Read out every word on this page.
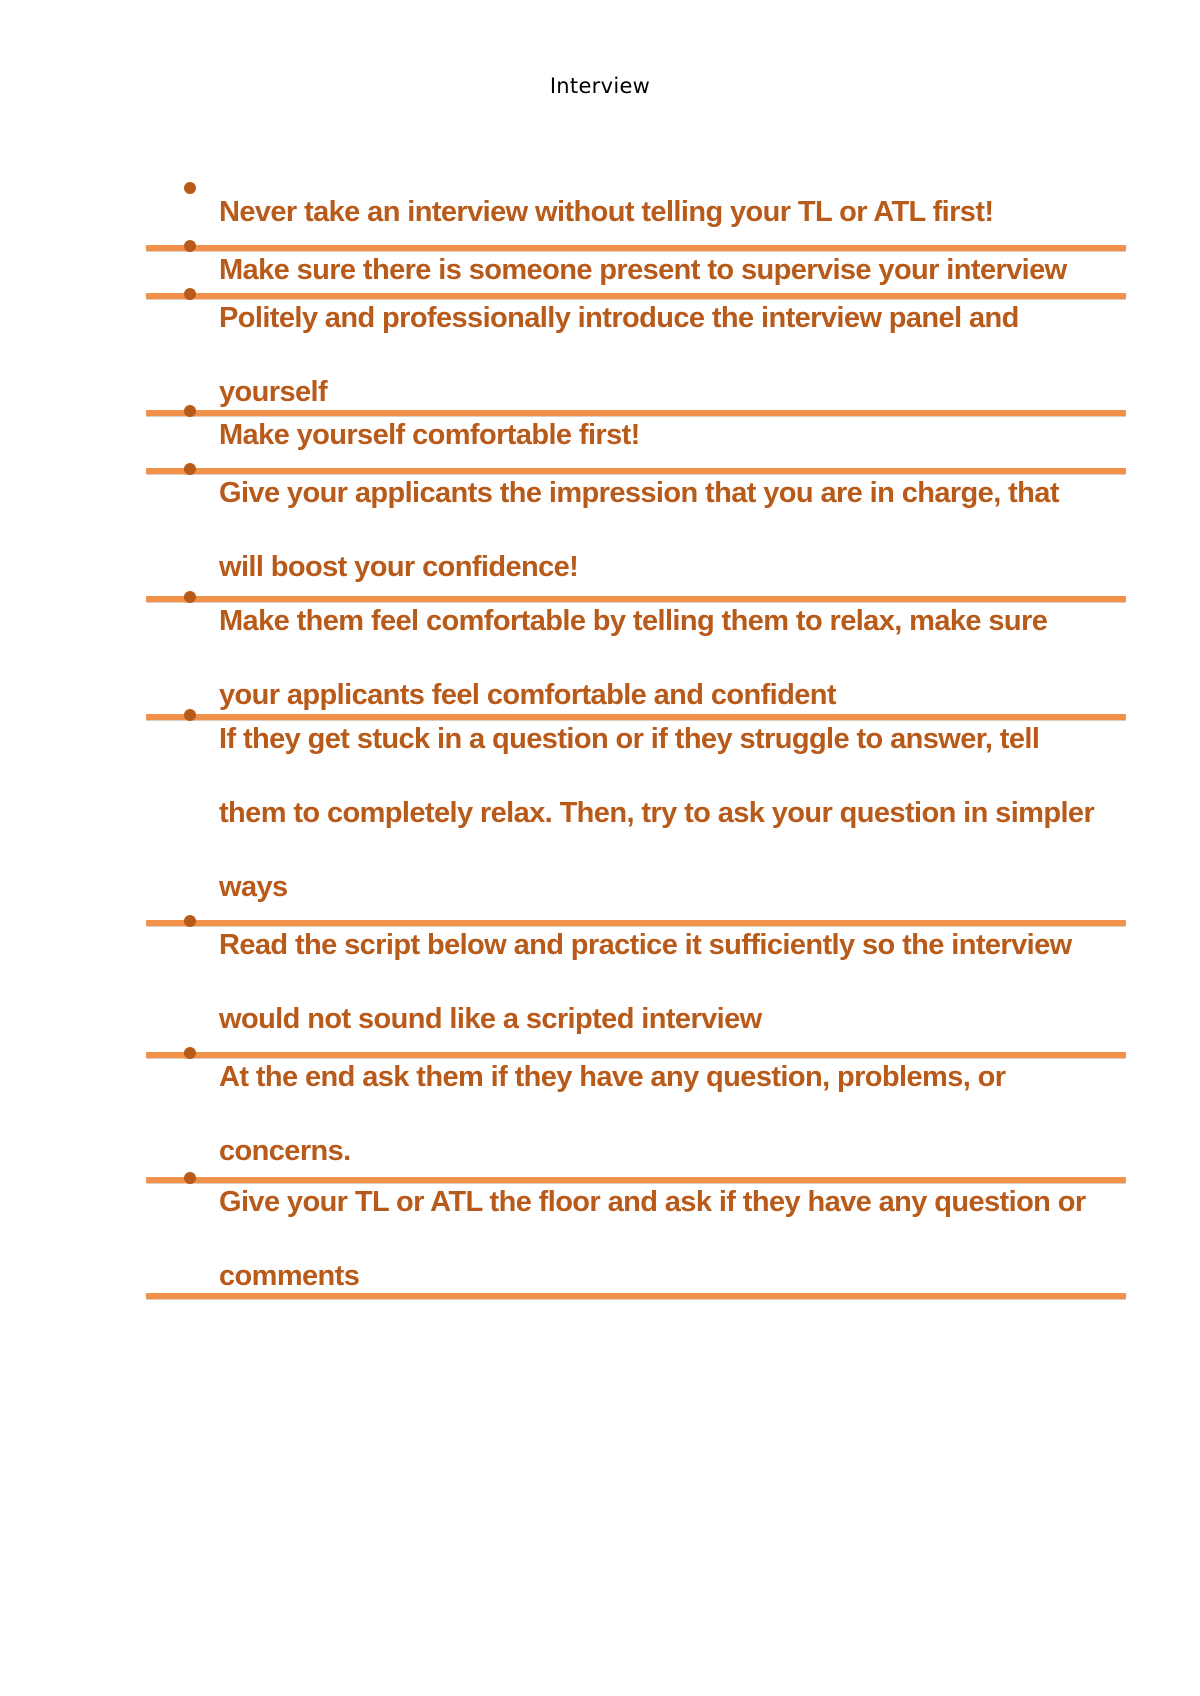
Interview
Never take an interview without telling your TL or ATL first!
Make sure there is someone present to supervise your interview
Politely and professionally introduce the interview panel and yourself
Make yourself comfortable first!
Give your applicants the impression that you are in charge, that will boost your confidence!
Make them feel comfortable by telling them to relax, make sure your applicants feel comfortable and confident
If they get stuck in a question or if they struggle to answer, tell them to completely relax. Then, try to ask your question in simpler ways
Read the script below and practice it sufficiently so the interview would not sound like a scripted interview
At the end ask them if they have any question, problems, or concerns.
Give your TL or ATL the floor and ask if they have any question or comments
